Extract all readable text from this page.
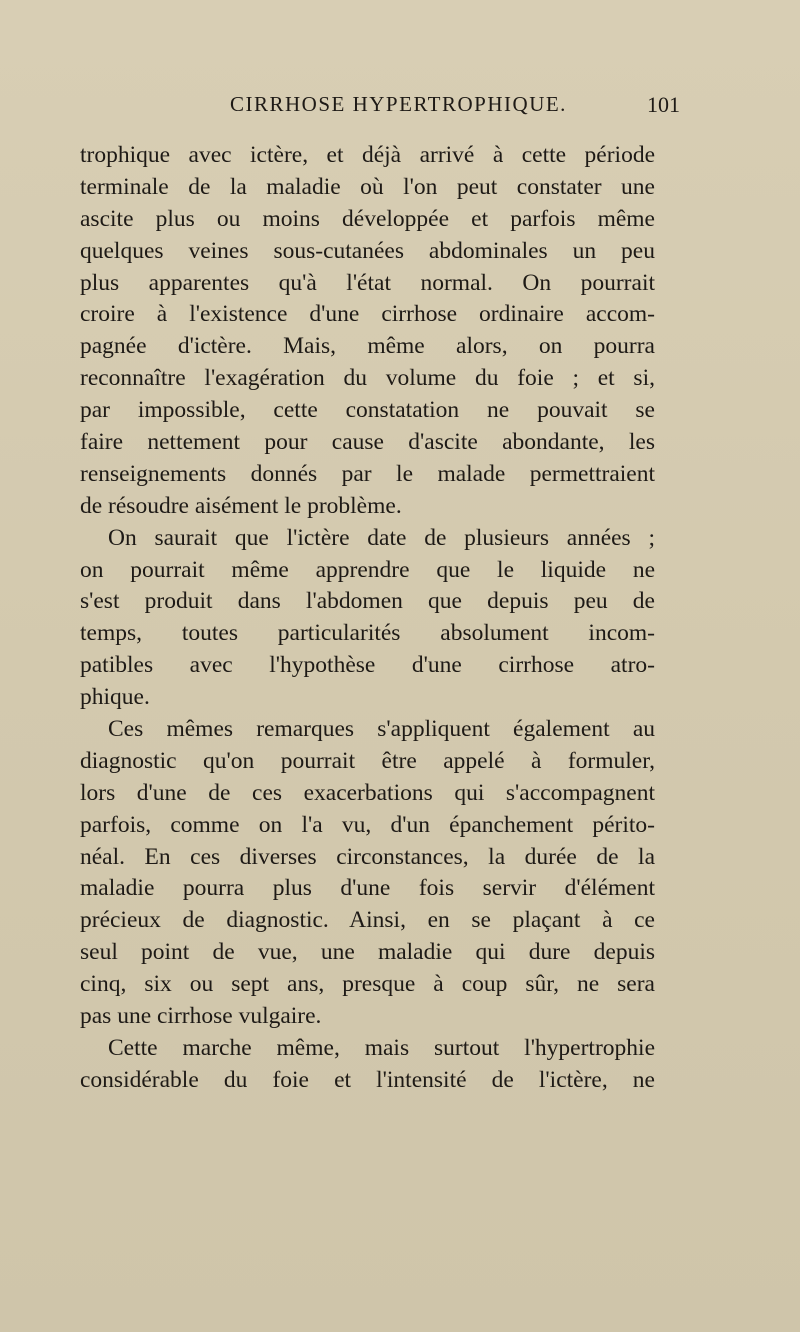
CIRRHOSE HYPERTROPHIQUE.	101
trophique avec ictère, et déjà arrivé à cette période
terminale de la maladie où l'on peut constater une
ascite plus ou moins développée et parfois même
quelques veines sous-cutanées abdominales un peu
plus apparentes qu'à l'état normal. On pourrait
croire à l'existence d'une cirrhose ordinaire accom-
pagnée d'ictère. Mais, même alors, on pourra
reconnaître l'exagération du volume du foie ; et si,
par impossible, cette constatation ne pouvait se
faire nettement pour cause d'ascite abondante, les
renseignements donnés par le malade permettraient
de résoudre aisément le problème.
On saurait que l'ictère date de plusieurs années ;
on pourrait même apprendre que le liquide ne
s'est produit dans l'abdomen que depuis peu de
temps, toutes particularités absolument incom-
patibles avec l'hypothèse d'une cirrhose atro-
phique.
Ces mêmes remarques s'appliquent également au
diagnostic qu'on pourrait être appelé à formuler,
lors d'une de ces exacerbations qui s'accompagnent
parfois, comme on l'a vu, d'un épanchement périto-
néal. En ces diverses circonstances, la durée de la
maladie pourra plus d'une fois servir d'élément
précieux de diagnostic. Ainsi, en se plaçant à ce
seul point de vue, une maladie qui dure depuis
cinq, six ou sept ans, presque à coup sûr, ne sera
pas une cirrhose vulgaire.
Cette marche même, mais surtout l'hypertrophie
considérable du foie et l'intensité de l'ictère, ne
